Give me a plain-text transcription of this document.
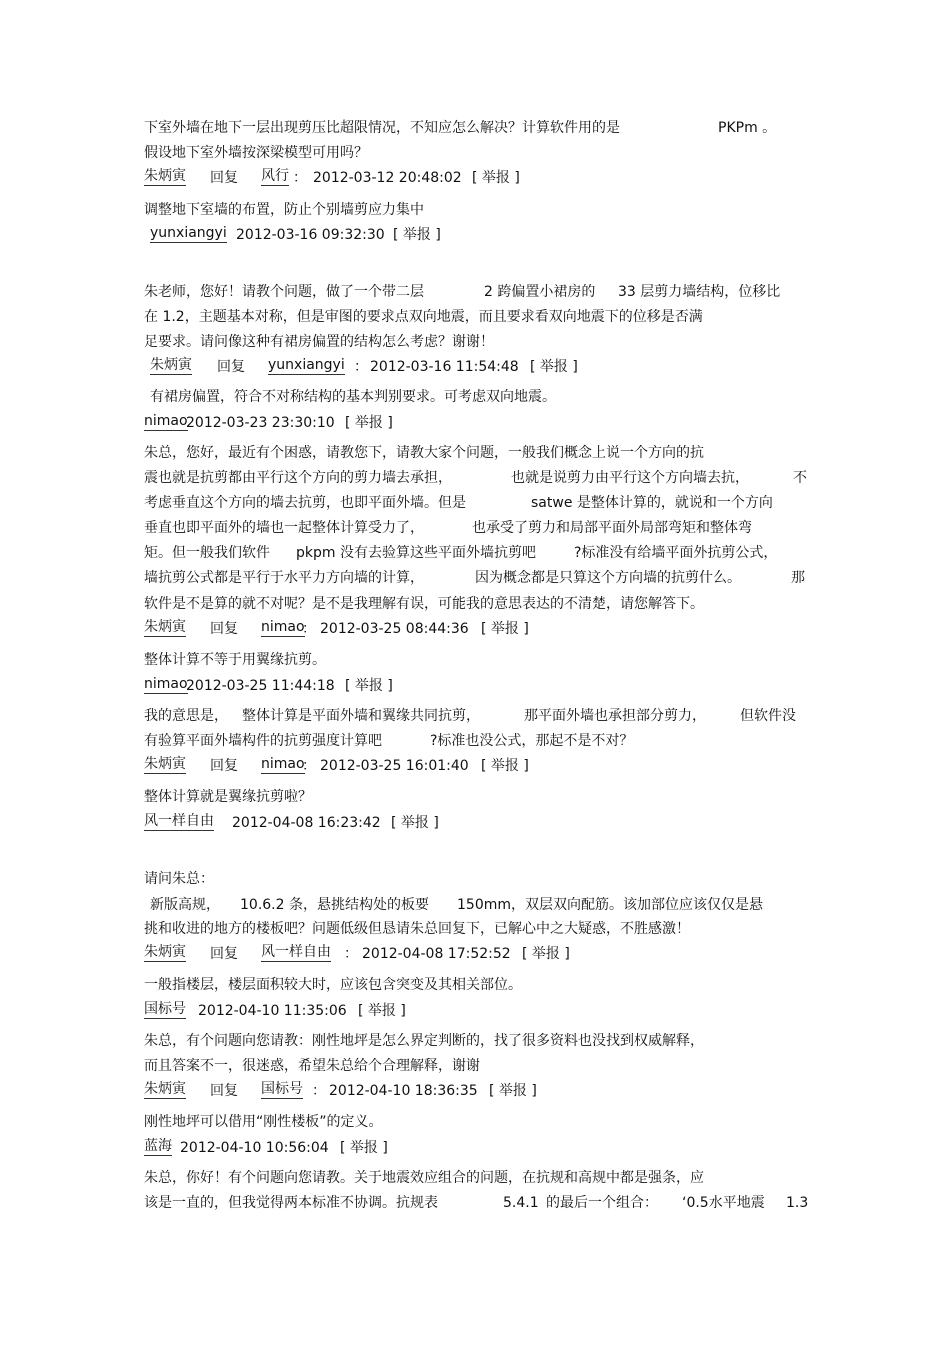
下室外墙在地下一层出现剪压比超限情况，不知应怎么解决？计算软件用的是	PKPm 。
假设地下室外墙按深梁模型可用吗？
朱炳寅 回复 风行 ： 2012-03-12 20:48:02 [ 举报 ]
调整地下室墙的布置，防止个别墙剪应力集中
yunxiangyi 2012-03-16 09:32:30 [ 举报 ]
朱老师，您好！请教个问题，做了一个带二层	2 跨偏置小裙房的 33 层剪力墙结构，位移比
在 1.2，主题基本对称，但是审图的要求点双向地震，而且要求看双向地震下的位移是否满
足要求。请问像这种有裙房偏置的结构怎么考虑？谢谢！
朱炳寅 回复 yunxiangyi ： 2012-03-16 11:54:48 [ 举报 ]
有裙房偏置，符合不对称结构的基本判别要求。可考虑双向地震。
nimao
2012-03-23 23:30:10 [ 举报 ]
朱总，您好，最近有个困惑，请教您下，请教大家个问题，一般我们概念上说一个方向的抗
震也就是抗剪都由平行这个方向的剪力墙去承担，	也就是说剪力由平行这个方向墙去抗，	不
考虑垂直这个方向的墙去抗剪，也即平面外墙。但是	satwe 是整体计算的，就说和一个方向
垂直也即平面外的墙也一起整体计算受力了，	也承受了剪力和局部平面外局部弯矩和整体弯
矩。但一般我们软件 pkpm 没有去验算这些平面外墙抗剪吧	?标准没有给墙平面外抗剪公式，
墙抗剪公式都是平行于水平力方向墙的计算，	因为概念都是只算这个方向墙的抗剪什么。	那
软件是不是算的就不对呢？是不是我理解有误，可能我的意思表达的不清楚，请您解答下。
朱炳寅 回复 nimao
： 2012-03-25 08:44:36 [ 举报 ]
整体计算不等于用翼缘抗剪。
nimao
2012-03-25 11:44:18 [ 举报 ]
我的意思是， 整体计算是平面外墙和翼缘共同抗剪，	那平面外墙也承担部分剪力， 但软件没
有验算平面外墙构件的抗剪强度计算吧	?标准也没公式，那起不是不对？
朱炳寅 回复 nimao
： 2012-03-25 16:01:40 [ 举报 ]
整体计算就是翼缘抗剪啦？
风一样自由 2012-04-08 16:23:42 [ 举报 ]
请问朱总：
新版高规， 10.6.2 条，悬挑结构处的板要 150mm，双层双向配筋。该加部位应该仅仅是悬
挑和收进的地方的楼板吧？问题低级但恳请朱总回复下，已解心中之大疑惑，不胜感激！
朱炳寅 回复 风一样自由 ： 2012-04-08 17:52:52 [ 举报 ]
一般指楼层，楼层面积较大时，应该包含突变及其相关部位。
国标号 2012-04-10 11:35:06 [ 举报 ]
朱总，有个问题向您请教：刚性地坪是怎么界定判断的，找了很多资料也没找到权威解释，
而且答案不一，很迷惑，希望朱总给个合理解释，谢谢
朱炳寅 回复 国标号 ： 2012-04-10 18:36:35 [ 举报 ]
刚性地坪可以借用“刚性楼板”的定义。
蓝海 2012-04-10 10:56:04 [ 举报 ]
朱总，你好！有个问题向您请教。关于地震效应组合的问题，在抗规和高规中都是强条，应
该是一直的，但我觉得两本标准不协调。抗规表	5.4.1 的最后一个组合： ‘0.5水平地震 1.3
